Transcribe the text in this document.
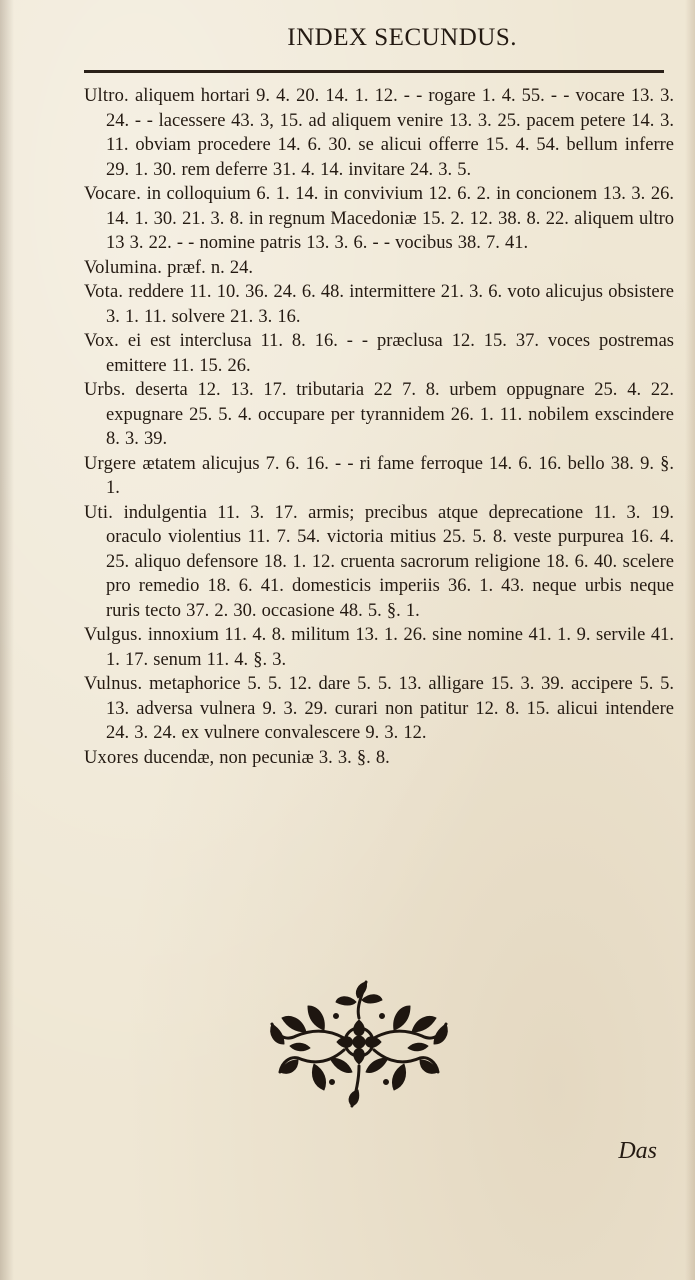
INDEX SECUNDUS.

Ultro. aliquem hortari 9. 4. 20. 14. 1. 12. - - rogare 1. 4. 55. - - vocare 13. 3. 24. - - lacessere 43. 3, 15. ad aliquem venire 13. 3. 25. pacem petere 14. 3. 11. obviam procedere 14. 6. 30. se alicui offerre 15. 4. 54. bellum inferre 29. 1. 30. rem deferre 31. 4. 14. invitare 24. 3. 5.

Vocare. in colloquium 6. 1. 14. in convivium 12. 6. 2. in concionem 13. 3. 26. 14. 1. 30. 21. 3. 8. in regnum Macedoniæ 15. 2. 12. 38. 8. 22. aliquem ultro 13 3. 22. - - nomine patris 13. 3. 6. - - vocibus 38. 7. 41.

Volumina. præf. n. 24.

Vota. reddere 11. 10. 36. 24. 6. 48. intermittere 21. 3. 6. voto alicujus obsistere 3. 1. 11. solvere 21. 3. 16.

Vox. ei est interclusa 11. 8. 16. - - præclusa 12. 15. 37. voces postremas emittere 11. 15. 26.

Urbs. deserta 12. 13. 17. tributaria 22 7. 8. urbem oppugnare 25. 4. 22. expugnare 25. 5. 4. occupare per tyrannidem 26. 1. 11. nobilem exscindere 8. 3. 39.

Urgere ætatem alicujus 7. 6. 16. - - ri fame ferroque 14. 6. 16. bello 38. 9. §. 1.

Uti. indulgentia 11. 3. 17. armis; precibus atque deprecatione 11. 3. 19. oraculo violentius 11. 7. 54. victoria mitius 25. 5. 8. veste purpurea 16. 4. 25. aliquo defensore 18. 1. 12. cruenta sacrorum religione 18. 6. 40. scelere pro remedio 18. 6. 41. domesticis imperiis 36. 1. 43. neque urbis neque ruris tecto 37. 2. 30. occasione 48. 5. §. 1.

Vulgus. innoxium 11. 4. 8. militum 13. 1. 26. sine nomine 41. 1. 9. servile 41. 1. 17. senum 11. 4. §. 3.

Vulnus. metaphorice 5. 5. 12. dare 5. 5. 13. alligare 15. 3. 39. accipere 5. 5. 13. adversa vulnera 9. 3. 29. curari non patitur 12. 8. 15. alicui intendere 24. 3. 24. ex vulnere convalescere 9. 3. 12.

Uxores ducendæ, non pecuniæ 3. 3. §. 8.

Das
